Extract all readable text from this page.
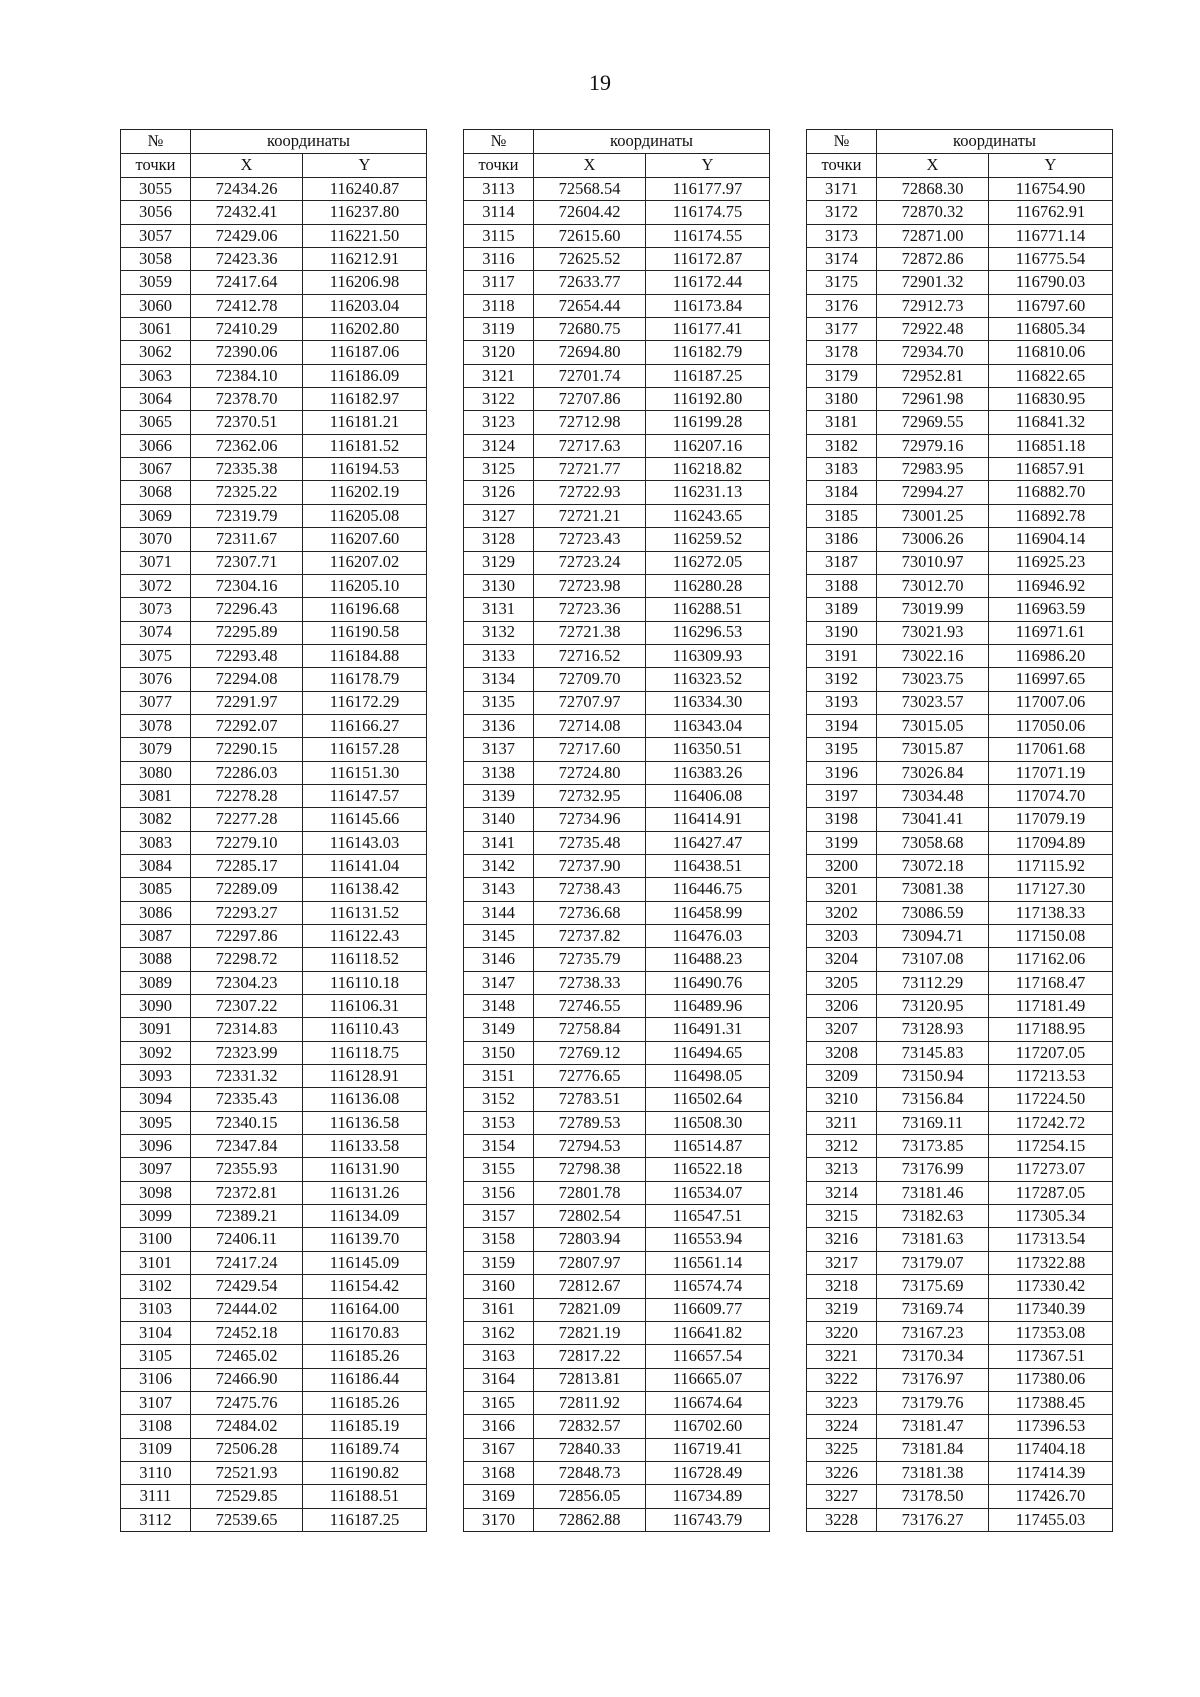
19
№	координаты	
точки	X	Y
3055	72434.26	116240.87
3056	72432.41	116237.80
3057	72429.06	116221.50
3058	72423.36	116212.91
3059	72417.64	116206.98
3060	72412.78	116203.04
3061	72410.29	116202.80
3062	72390.06	116187.06
3063	72384.10	116186.09
3064	72378.70	116182.97
3065	72370.51	116181.21
3066	72362.06	116181.52
3067	72335.38	116194.53
3068	72325.22	116202.19
3069	72319.79	116205.08
3070	72311.67	116207.60
3071	72307.71	116207.02
3072	72304.16	116205.10
3073	72296.43	116196.68
3074	72295.89	116190.58
3075	72293.48	116184.88
3076	72294.08	116178.79
3077	72291.97	116172.29
3078	72292.07	116166.27
3079	72290.15	116157.28
3080	72286.03	116151.30
3081	72278.28	116147.57
3082	72277.28	116145.66
3083	72279.10	116143.03
3084	72285.17	116141.04
3085	72289.09	116138.42
3086	72293.27	116131.52
3087	72297.86	116122.43
3088	72298.72	116118.52
3089	72304.23	116110.18
3090	72307.22	116106.31
3091	72314.83	116110.43
3092	72323.99	116118.75
3093	72331.32	116128.91
3094	72335.43	116136.08
3095	72340.15	116136.58
3096	72347.84	116133.58
3097	72355.93	116131.90
3098	72372.81	116131.26
3099	72389.21	116134.09
3100	72406.11	116139.70
3101	72417.24	116145.09
3102	72429.54	116154.42
3103	72444.02	116164.00
3104	72452.18	116170.83
3105	72465.02	116185.26
3106	72466.90	116186.44
3107	72475.76	116185.26
3108	72484.02	116185.19
3109	72506.28	116189.74
3110	72521.93	116190.82
3111	72529.85	116188.51
3112	72539.65	116187.25
№	координаты	
точки	X	Y
3113	72568.54	116177.97
3114	72604.42	116174.75
3115	72615.60	116174.55
3116	72625.52	116172.87
3117	72633.77	116172.44
3118	72654.44	116173.84
3119	72680.75	116177.41
3120	72694.80	116182.79
3121	72701.74	116187.25
3122	72707.86	116192.80
3123	72712.98	116199.28
3124	72717.63	116207.16
3125	72721.77	116218.82
3126	72722.93	116231.13
3127	72721.21	116243.65
3128	72723.43	116259.52
3129	72723.24	116272.05
3130	72723.98	116280.28
3131	72723.36	116288.51
3132	72721.38	116296.53
3133	72716.52	116309.93
3134	72709.70	116323.52
3135	72707.97	116334.30
3136	72714.08	116343.04
3137	72717.60	116350.51
3138	72724.80	116383.26
3139	72732.95	116406.08
3140	72734.96	116414.91
3141	72735.48	116427.47
3142	72737.90	116438.51
3143	72738.43	116446.75
3144	72736.68	116458.99
3145	72737.82	116476.03
3146	72735.79	116488.23
3147	72738.33	116490.76
3148	72746.55	116489.96
3149	72758.84	116491.31
3150	72769.12	116494.65
3151	72776.65	116498.05
3152	72783.51	116502.64
3153	72789.53	116508.30
3154	72794.53	116514.87
3155	72798.38	116522.18
3156	72801.78	116534.07
3157	72802.54	116547.51
3158	72803.94	116553.94
3159	72807.97	116561.14
3160	72812.67	116574.74
3161	72821.09	116609.77
3162	72821.19	116641.82
3163	72817.22	116657.54
3164	72813.81	116665.07
3165	72811.92	116674.64
3166	72832.57	116702.60
3167	72840.33	116719.41
3168	72848.73	116728.49
3169	72856.05	116734.89
3170	72862.88	116743.79
№	координаты	
точки	X	Y
3171	72868.30	116754.90
3172	72870.32	116762.91
3173	72871.00	116771.14
3174	72872.86	116775.54
3175	72901.32	116790.03
3176	72912.73	116797.60
3177	72922.48	116805.34
3178	72934.70	116810.06
3179	72952.81	116822.65
3180	72961.98	116830.95
3181	72969.55	116841.32
3182	72979.16	116851.18
3183	72983.95	116857.91
3184	72994.27	116882.70
3185	73001.25	116892.78
3186	73006.26	116904.14
3187	73010.97	116925.23
3188	73012.70	116946.92
3189	73019.99	116963.59
3190	73021.93	116971.61
3191	73022.16	116986.20
3192	73023.75	116997.65
3193	73023.57	117007.06
3194	73015.05	117050.06
3195	73015.87	117061.68
3196	73026.84	117071.19
3197	73034.48	117074.70
3198	73041.41	117079.19
3199	73058.68	117094.89
3200	73072.18	117115.92
3201	73081.38	117127.30
3202	73086.59	117138.33
3203	73094.71	117150.08
3204	73107.08	117162.06
3205	73112.29	117168.47
3206	73120.95	117181.49
3207	73128.93	117188.95
3208	73145.83	117207.05
3209	73150.94	117213.53
3210	73156.84	117224.50
3211	73169.11	117242.72
3212	73173.85	117254.15
3213	73176.99	117273.07
3214	73181.46	117287.05
3215	73182.63	117305.34
3216	73181.63	117313.54
3217	73179.07	117322.88
3218	73175.69	117330.42
3219	73169.74	117340.39
3220	73167.23	117353.08
3221	73170.34	117367.51
3222	73176.97	117380.06
3223	73179.76	117388.45
3224	73181.47	117396.53
3225	73181.84	117404.18
3226	73181.38	117414.39
3227	73178.50	117426.70
3228	73176.27	117455.03
